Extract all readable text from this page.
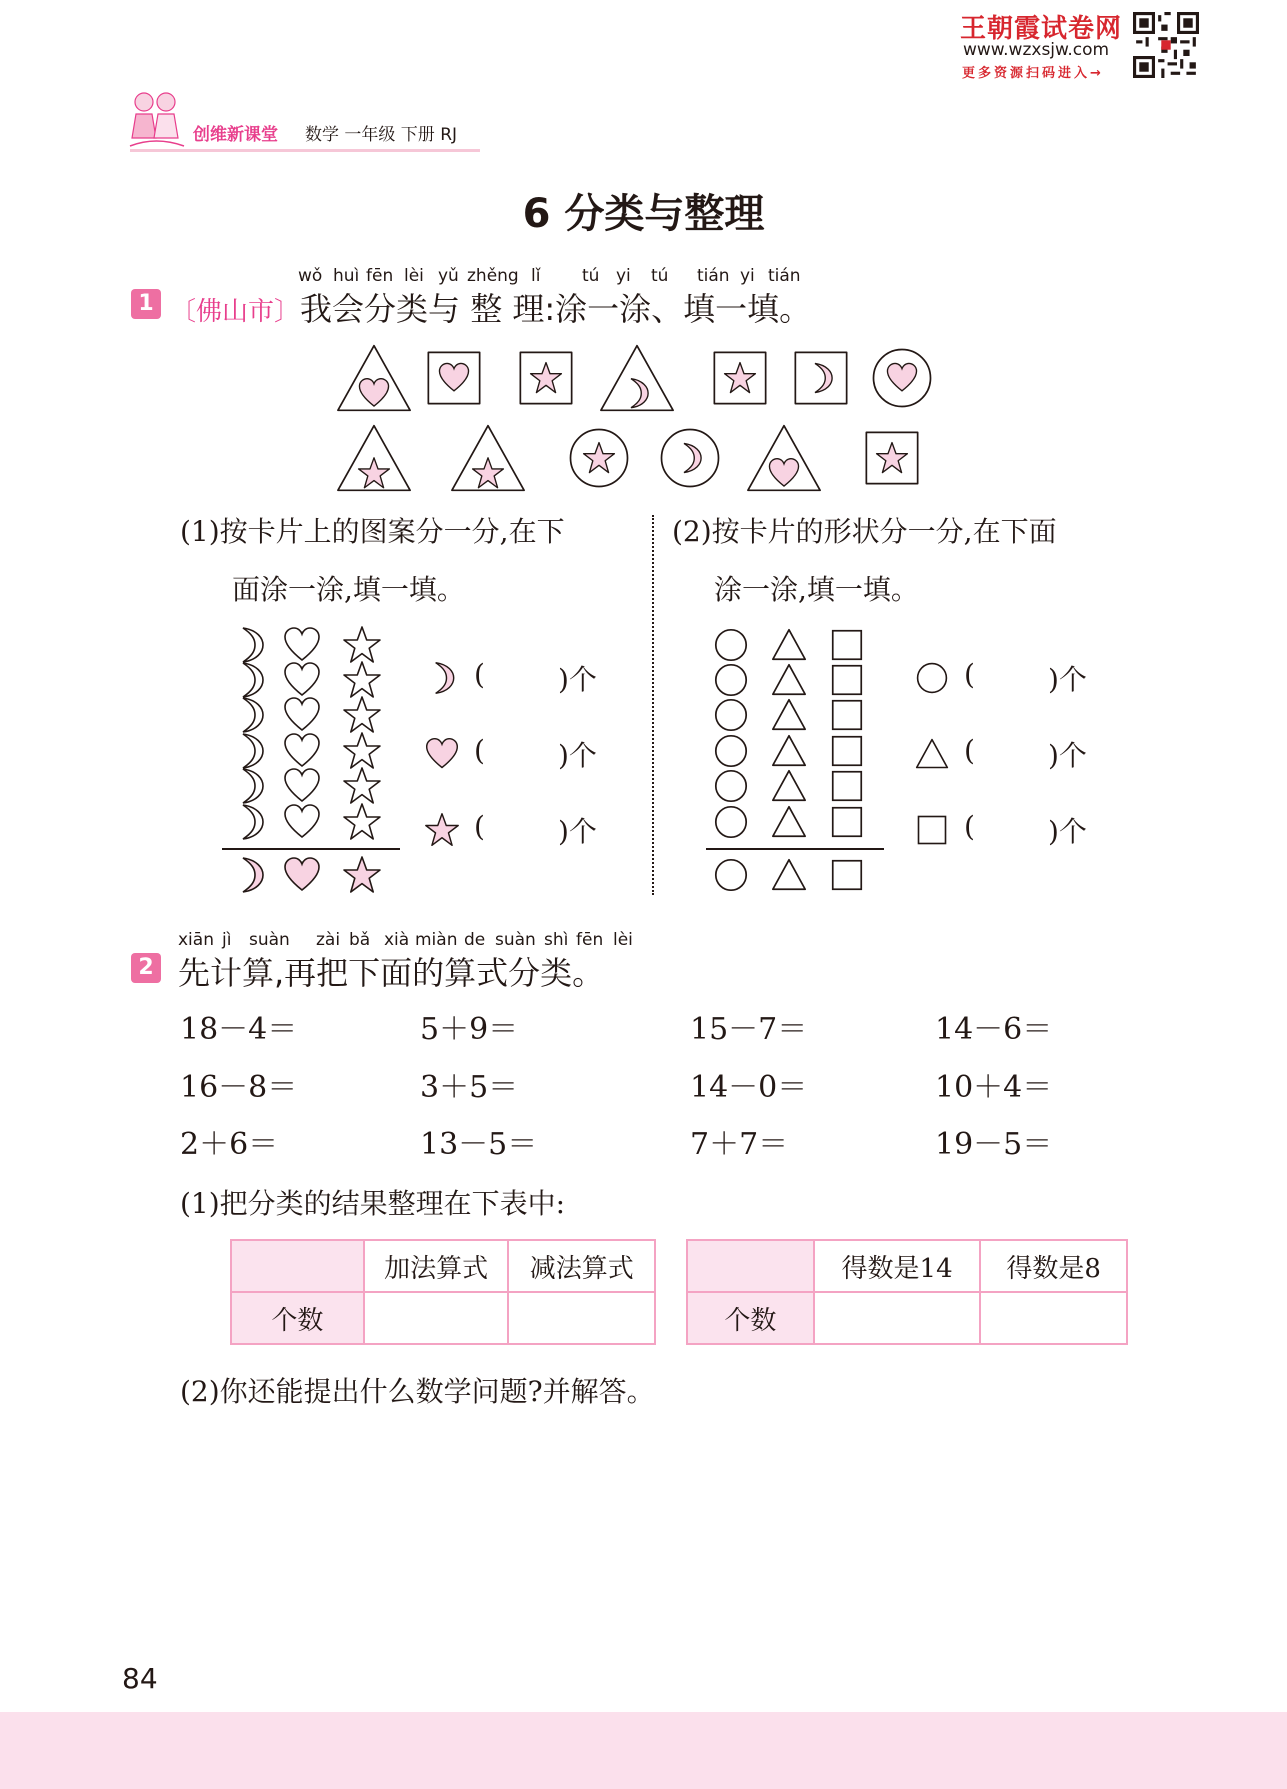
王朝霞试卷网
www.wzxsjw.com
更多资源扫码进入→
创维新课堂 数学 一年级 下册 RJ
6 分类与整理
1
wǒ huì fēn lèi yǔ zhěng lǐ tú yi tú tián yi tián
〔佛山市〕我会分类与 整 理:涂一涂、填一填。
(1)按卡片上的图案分一分,在下
面涂一涂,填一填。
(	)个
(	)个
(	)个
(2)按卡片的形状分一分,在下面
涂一涂,填一填。
(	)个
(	)个
(	)个
2
xiān jì suàn zài bǎ xià miàn de suàn shì fēn lèi
先计算,再把下面的算式分类。
18－4＝	5＋9＝	15－7＝	14－6＝
16－8＝	3＋5＝	14－0＝	10＋4＝
2＋6＝	13－5＝	7＋7＝	19－5＝
(1)把分类的结果整理在下表中:
	加法算式	减法算式
个数		
	得数是14	得数是8
个数		
(2)你还能提出什么数学问题?并解答。
84
